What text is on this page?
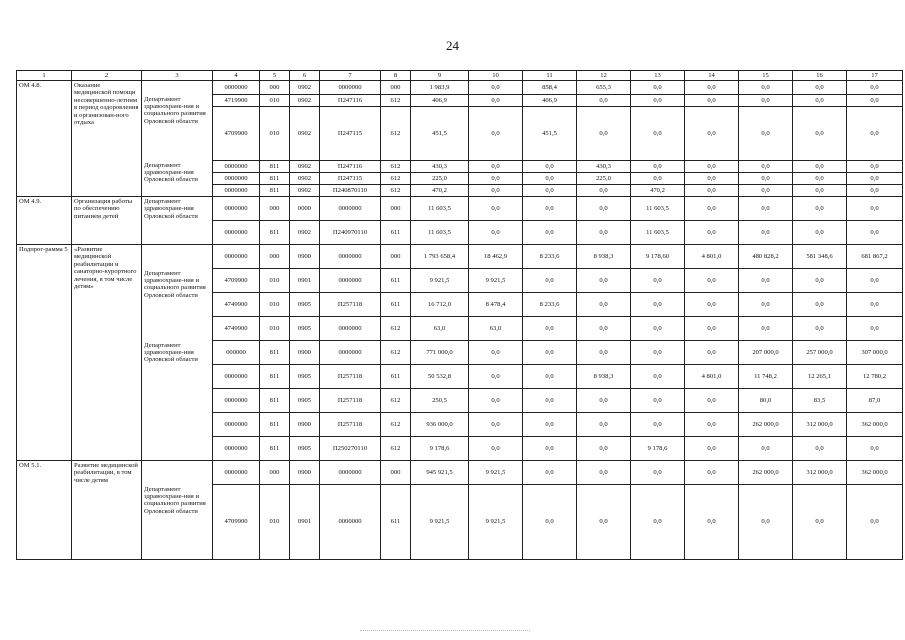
24
1	2	3	4	5	6	7	8	9	10	11	12	13	14	15	16	17
ОМ 4.8.	Оказание медицинской помощи несовершенно-летним в период оздоровления и организован-ного отдыха		0000000	000	0902	0000000	000	1 983,9	0,0	858,4	655,3	0,0	0,0	0,0	0,0	0,0
		Департамент здравоохране-ния и социального развития Орловской области	4719900	010	0902	П247116	612	406,9	0,0	406,9	0,0	0,0	0,0	0,0	0,0	0,0
			4709900	010	0902	П247115	612	451,5	0,0	451,5	0,0	0,0	0,0	0,0	0,0	0,0
		Департамент здравоохране-ния Орловской области	0000000	811	0902	П247116	612	430,3	0,0	0,0	430,3	0,0	0,0	0,0	0,0	0,0
			0000000	811	0902	П247115	612	225,0	0,0	0,0	225,0	0,0	0,0	0,0	0,0	0,0
			0000000	811	0902	П240870110	612	470,2	0,0	0,0	0,0	470,2	0,0	0,0	0,0	0,0
ОМ 4.9.	Организация работы по обеспечению питанием детей	Департамент здравоохране-ния Орловской области	0000000	000	0000	0000000	000	11 603,5	0,0	0,0	0,0	11 603,5	0,0	0,0	0,0	0,0
			0000000	811	0902	П240970110	611	11 603,5	0,0	0,0	0,0	11 603,5	0,0	0,0	0,0	0,0
Подпрог-рамма 5	«Развитие медицинской реабилитации и санаторно-курортного лечения, в том числе детям»		0000000	000	0900	0000000	000	1 793 658,4	18 462,9	8 233,6	8 938,3	9 178,60	4 801,0	480 828,2	581 348,6	681 867,2
		Департамент здравоохране-ния и социального развития Орловской области	4709900	010	0901	0000000	611	9 921,5	9 921,5	0,0	0,0	0,0	0,0	0,0	0,0	0,0
			4749900	010	0905	П257118	611	16 712,0	8 478,4	8 233,6	0,0	0,0	0,0	0,0	0,0	0,0
			4749900	010	0905	0000000	612	63,0	63,0	0,0	0,0	0,0	0,0	0,0	0,0	0,0
		Департамент здравоохране-ния Орловской области	000000	811	0900	0000000	612	771 000,0	0,0	0,0	0,0	0,0	0,0	207 000,0	257 000,0	307 000,0
			0000000	811	0905	П257118	611	50 532,8	0,0	0,0	8 938,3	0,0	4 801,0	11 748,2	12 265,1	12 780,2
			0000000	811	0905	П257118	612	250,5	0,0	0,0	0,0	0,0	0,0	80,0	83,5	87,0
			0000000	811	0900	П257118	612	936 000,0	0,0	0,0	0,0	0,0	0,0	262 000,0	312 000,0	362 000,0
			0000000	811	0905	П250270110	612	9 178,6	0,0	0,0	0,0	9 178,6	0,0	0,0	0,0	0,0
ОМ 5.1.	Развитие медицинской реабилитации, в том числе детям		0000000	000	0900	0000000	000	945 921,5	9 921,5	0,0	0,0	0,0	0,0	262 000,0	312 000,0	362 000,0
		Департамент здравоохране-ния и социального развития Орловской области	4709900	010	0901	0000000	611	9 921,5	9 921,5	0,0	0,0	0,0	0,0	0,0	0,0	0,0
